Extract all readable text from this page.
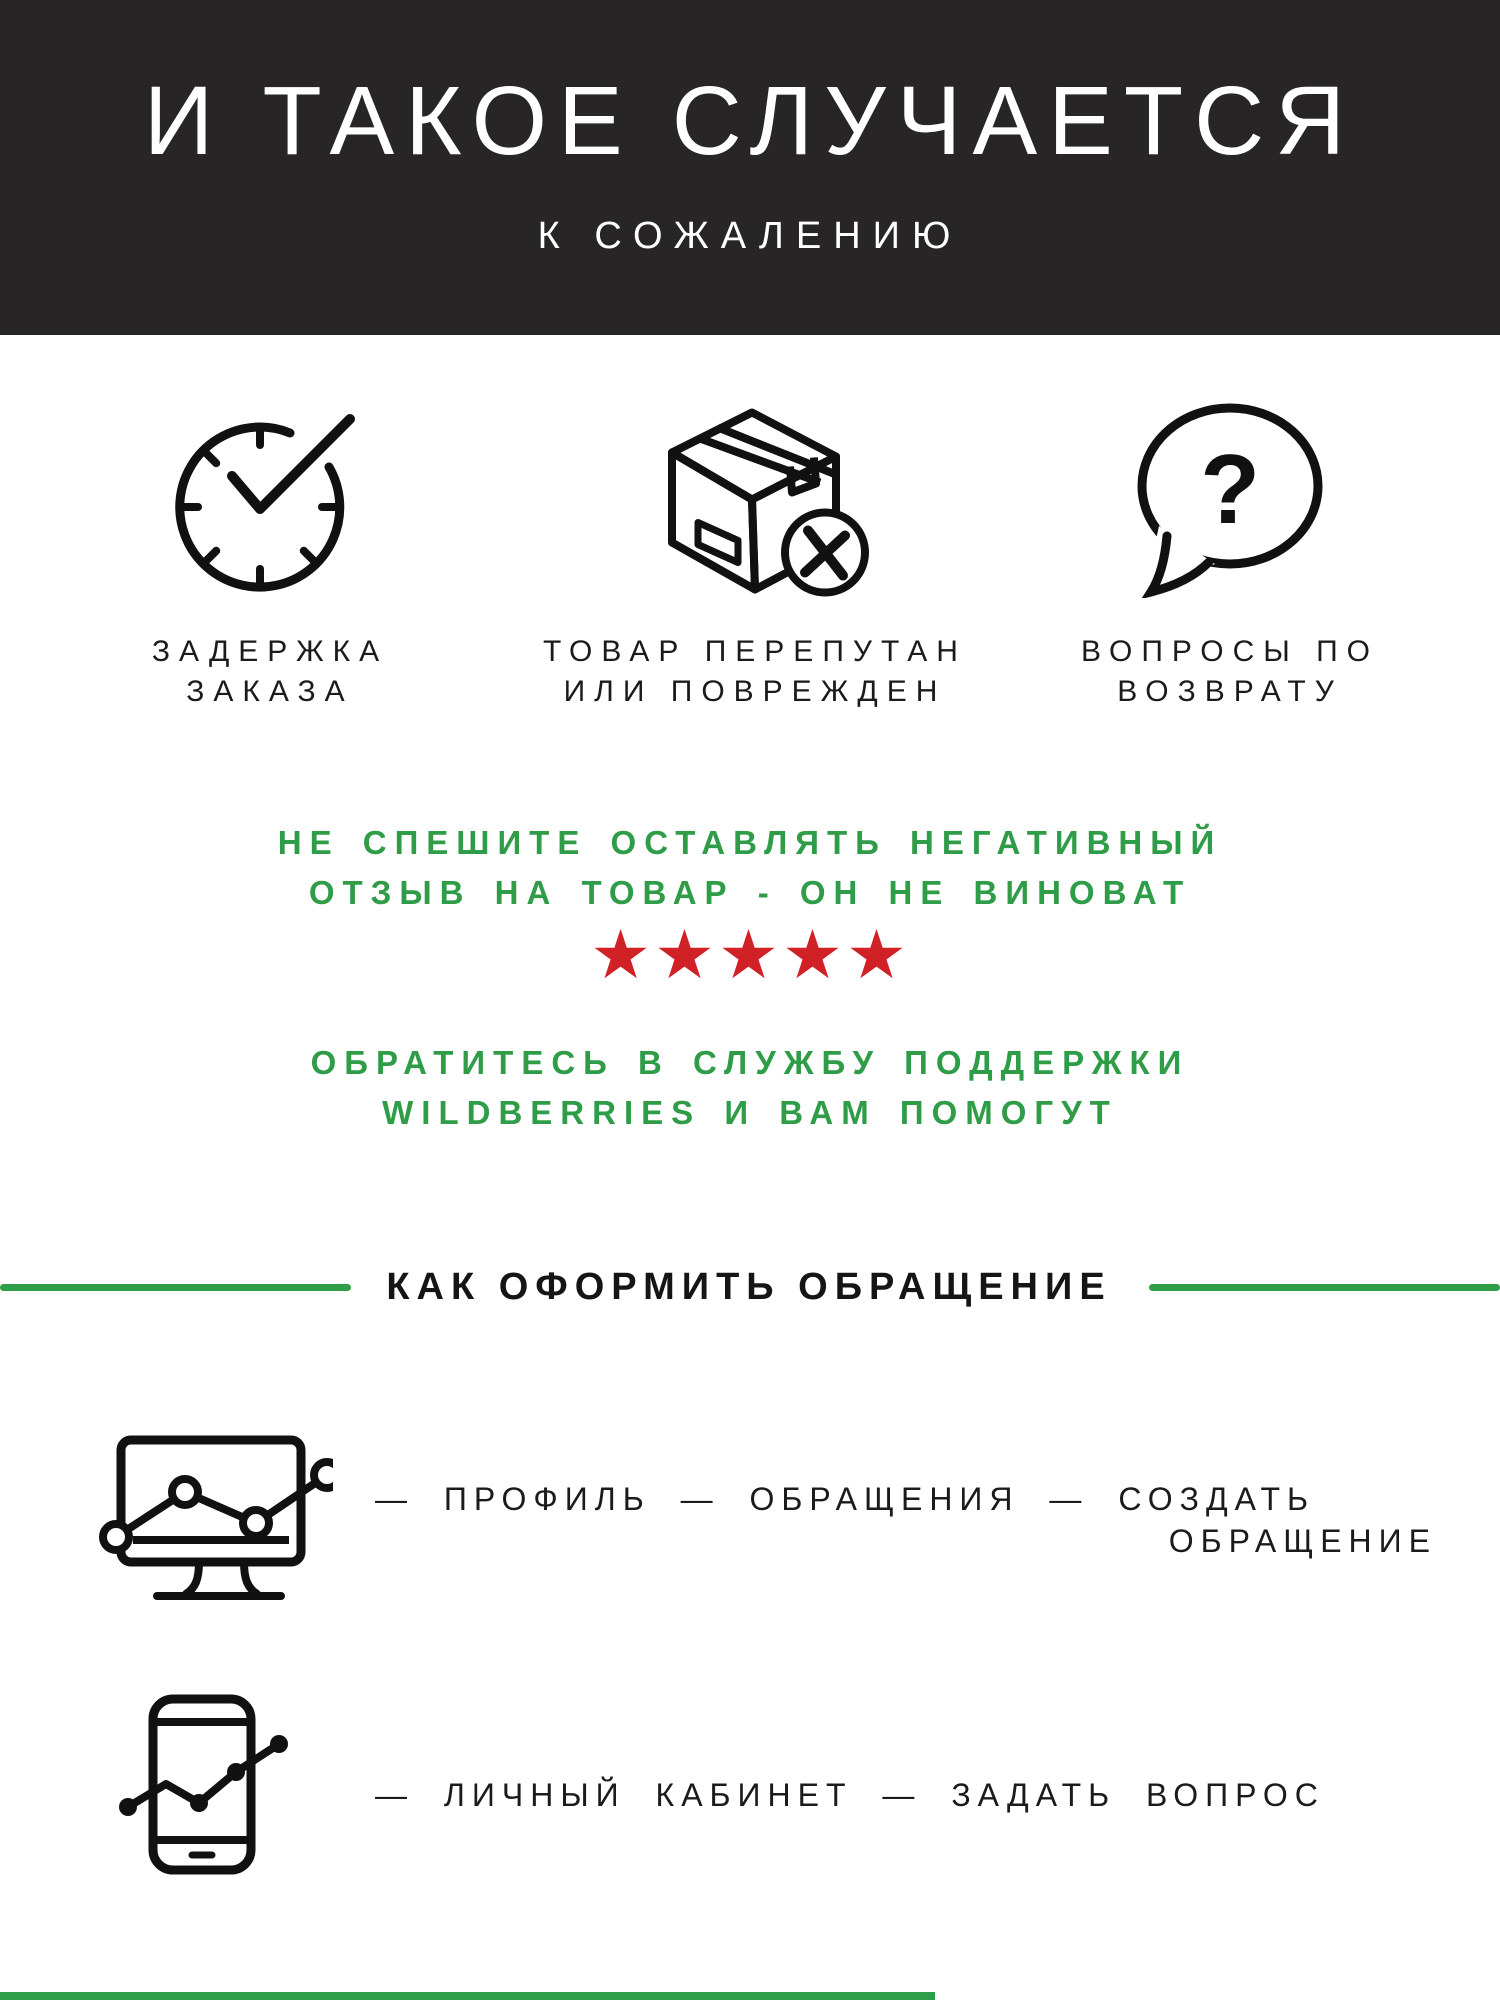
И ТАКОЕ СЛУЧАЕТСЯ
К СОЖАЛЕНИЮ
ЗАДЕРЖКА
ЗАКАЗА
ТОВАР ПЕРЕПУТАН
ИЛИ ПОВРЕЖДЕН
?
ВОПРОСЫ ПО
ВОЗВРАТУ
НЕ СПЕШИТЕ ОСТАВЛЯТЬ НЕГАТИВНЫЙ
ОТЗЫВ НА ТОВАР - ОН НЕ ВИНОВАТ
★★★★★
ОБРАТИТЕСЬ В СЛУЖБУ ПОДДЕРЖКИ
WILDBERRIES И ВАМ ПОМОГУТ
КАК ОФОРМИТЬ ОБРАЩЕНИЕ
— ПРОФИЛЬ — ОБРАЩЕНИЯ — СОЗДАТЬ
ОБРАЩЕНИЕ
— ЛИЧНЫЙ КАБИНЕТ — ЗАДАТЬ ВОПРОС
